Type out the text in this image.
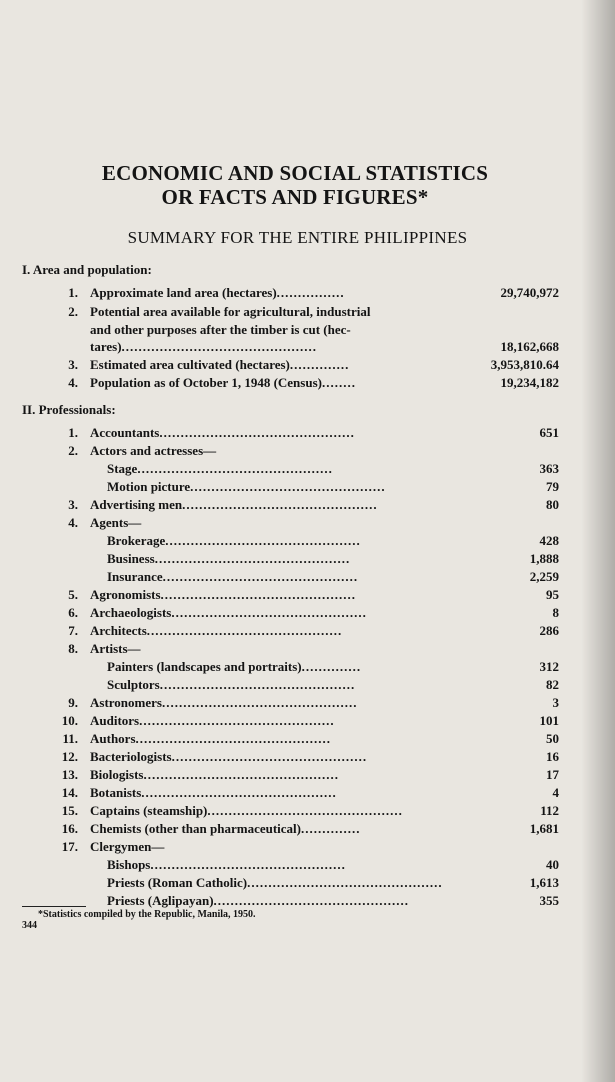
ECONOMIC AND SOCIAL STATISTICS
OR FACTS AND FIGURES*
SUMMARY FOR THE ENTIRE PHILIPPINES
I. Area and population:
1. Approximate land area (hectares)................	29,740,972
2. Potential area available for agricultural, industrial
and other purposes after the timber is cut (hec-
tares)..............................................	18,162,668
3. Estimated area cultivated (hectares)..............	3,953,810.64
4. Population as of October 1, 1948 (Census)........	19,234,182
II. Professionals:
1. Accountants..............................................	651
2. Actors and actresses—
Stage..............................................	363
Motion picture..............................................	79
3. Advertising men..............................................	80
4. Agents—
Brokerage..............................................	428
Business..............................................	1,888
Insurance..............................................	2,259
5. Agronomists..............................................	95
6. Archaeologists..............................................	8
7. Architects..............................................	286
8. Artists—
Painters (landscapes and portraits)..............	312
Sculptors..............................................	82
9. Astronomers..............................................	3
10. Auditors..............................................	101
11. Authors..............................................	50
12. Bacteriologists..............................................	16
13. Biologists..............................................	17
14. Botanists..............................................	4
15. Captains (steamship)..............................................	112
16. Chemists (other than pharmaceutical)..............	1,681
17. Clergymen—
Bishops..............................................	40
Priests (Roman Catholic)..............................................	1,613
Priests (Aglipayan)..............................................	355
*Statistics compiled by the Republic, Manila, 1950.
344
